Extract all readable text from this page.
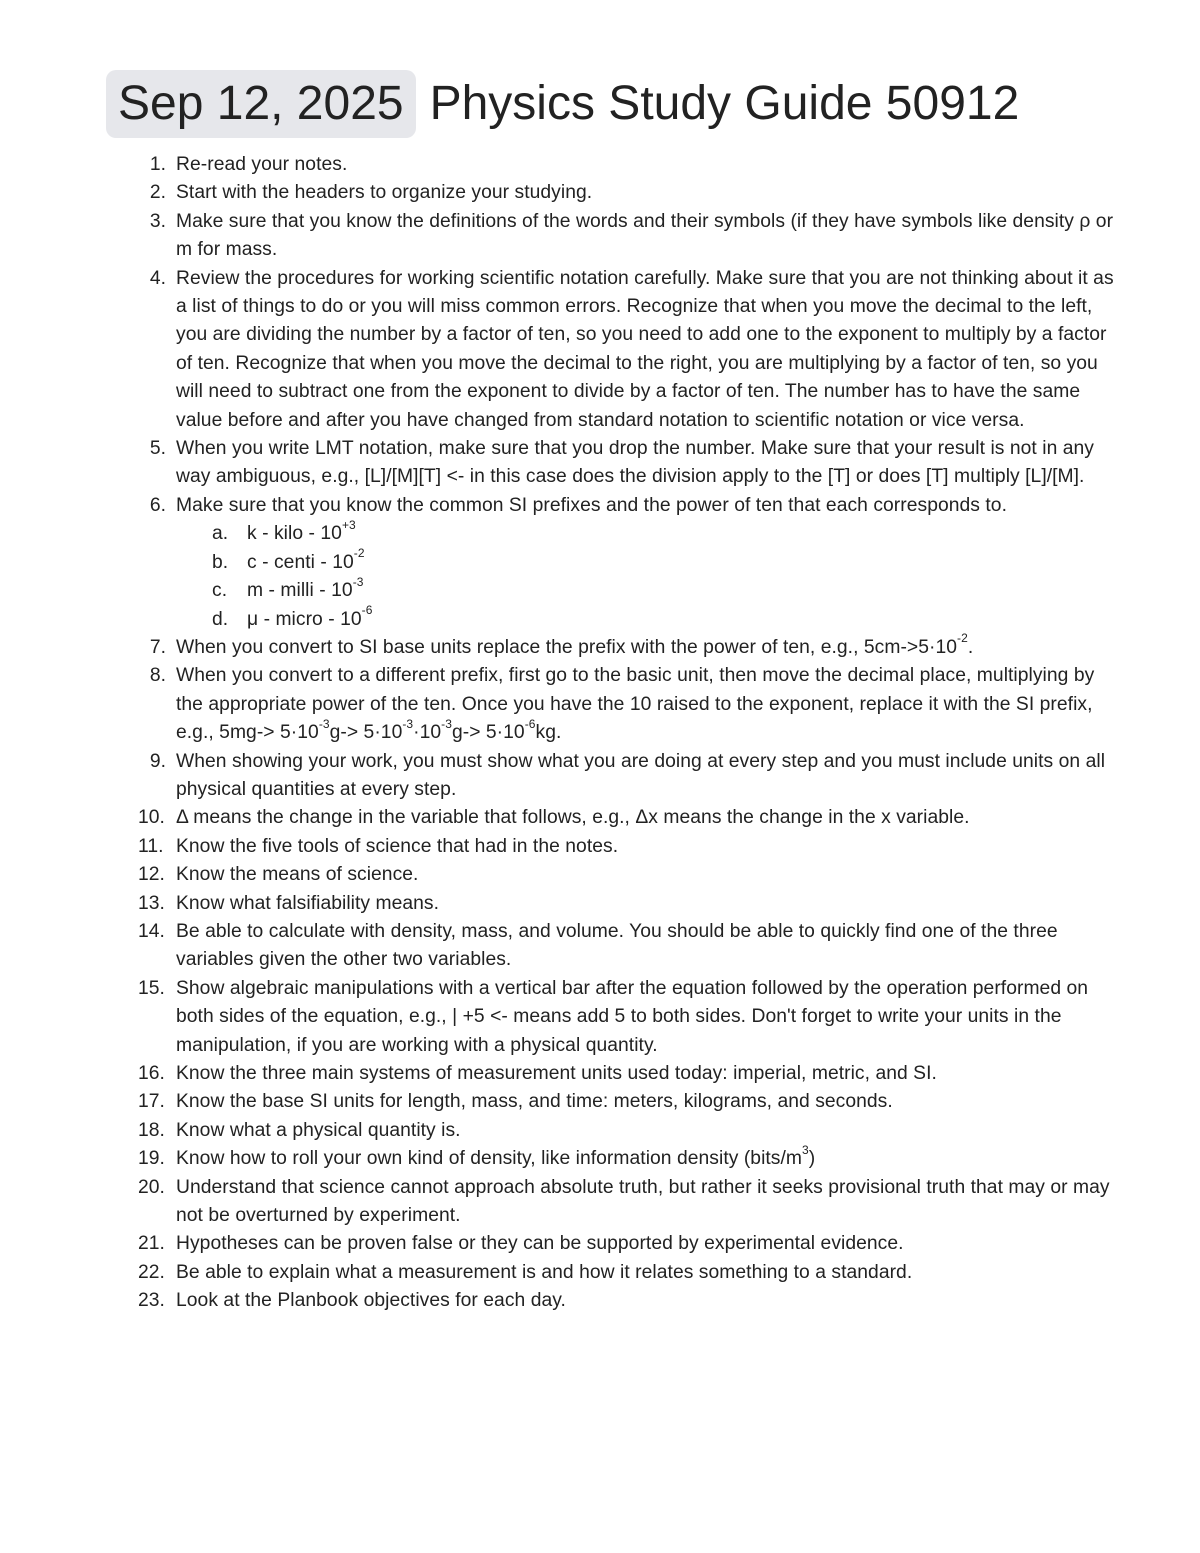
Sep 12, 2025 Physics Study Guide 50912
1. Re-read your notes.
2. Start with the headers to organize your studying.
3. Make sure that you know the definitions of the words and their symbols (if they have symbols like density ρ or m for mass.
4. Review the procedures for working scientific notation carefully. Make sure that you are not thinking about it as a list of things to do or you will miss common errors. Recognize that when you move the decimal to the left, you are dividing the number by a factor of ten, so you need to add one to the exponent to multiply by a factor of ten. Recognize that when you move the decimal to the right, you are multiplying by a factor of ten, so you will need to subtract one from the exponent to divide by a factor of ten. The number has to have the same value before and after you have changed from standard notation to scientific notation or vice versa.
5. When you write LMT notation, make sure that you drop the number. Make sure that your result is not in any way ambiguous, e.g., [L]/[M][T] <- in this case does the division apply to the [T] or does [T] multiply [L]/[M].
6. Make sure that you know the common SI prefixes and the power of ten that each corresponds to.
a. k - kilo - $10^{+3}$
b. c - centi - $10^{-2}$
c. m - milli - $10^{-3}$
d. μ - micro - $10^{-6}$
7. When you convert to SI base units replace the prefix with the power of ten, e.g., $5cm->5\cdot 10^{-2}$.
8. When you convert to a different prefix, first go to the basic unit, then move the decimal place, multiplying by the appropriate power of the ten. Once you have the 10 raised to the exponent, replace it with the SI prefix, e.g., $5mg-> 5\cdot 10^{-3}g-> 5\cdot 10^{-3}\cdot 10^{-3}g-> 5\cdot 10^{-6}kg$.
9. When showing your work, you must show what you are doing at every step and you must include units on all physical quantities at every step.
10. Δ means the change in the variable that follows, e.g., Δx means the change in the x variable.
11. Know the five tools of science that had in the notes.
12. Know the means of science.
13. Know what falsifiability means.
14. Be able to calculate with density, mass, and volume. You should be able to quickly find one of the three variables given the other two variables.
15. Show algebraic manipulations with a vertical bar after the equation followed by the operation performed on both sides of the equation, e.g., | +5 <- means add 5 to both sides. Don't forget to write your units in the manipulation, if you are working with a physical quantity.
16. Know the three main systems of measurement units used today: imperial, metric, and SI.
17. Know the base SI units for length, mass, and time: meters, kilograms, and seconds.
18. Know what a physical quantity is.
19. Know how to roll your own kind of density, like information density $(bits/m^3)$
20. Understand that science cannot approach absolute truth, but rather it seeks provisional truth that may or may not be overturned by experiment.
21. Hypotheses can be proven false or they can be supported by experimental evidence.
22. Be able to explain what a measurement is and how it relates something to a standard.
23. Look at the Planbook objectives for each day.
